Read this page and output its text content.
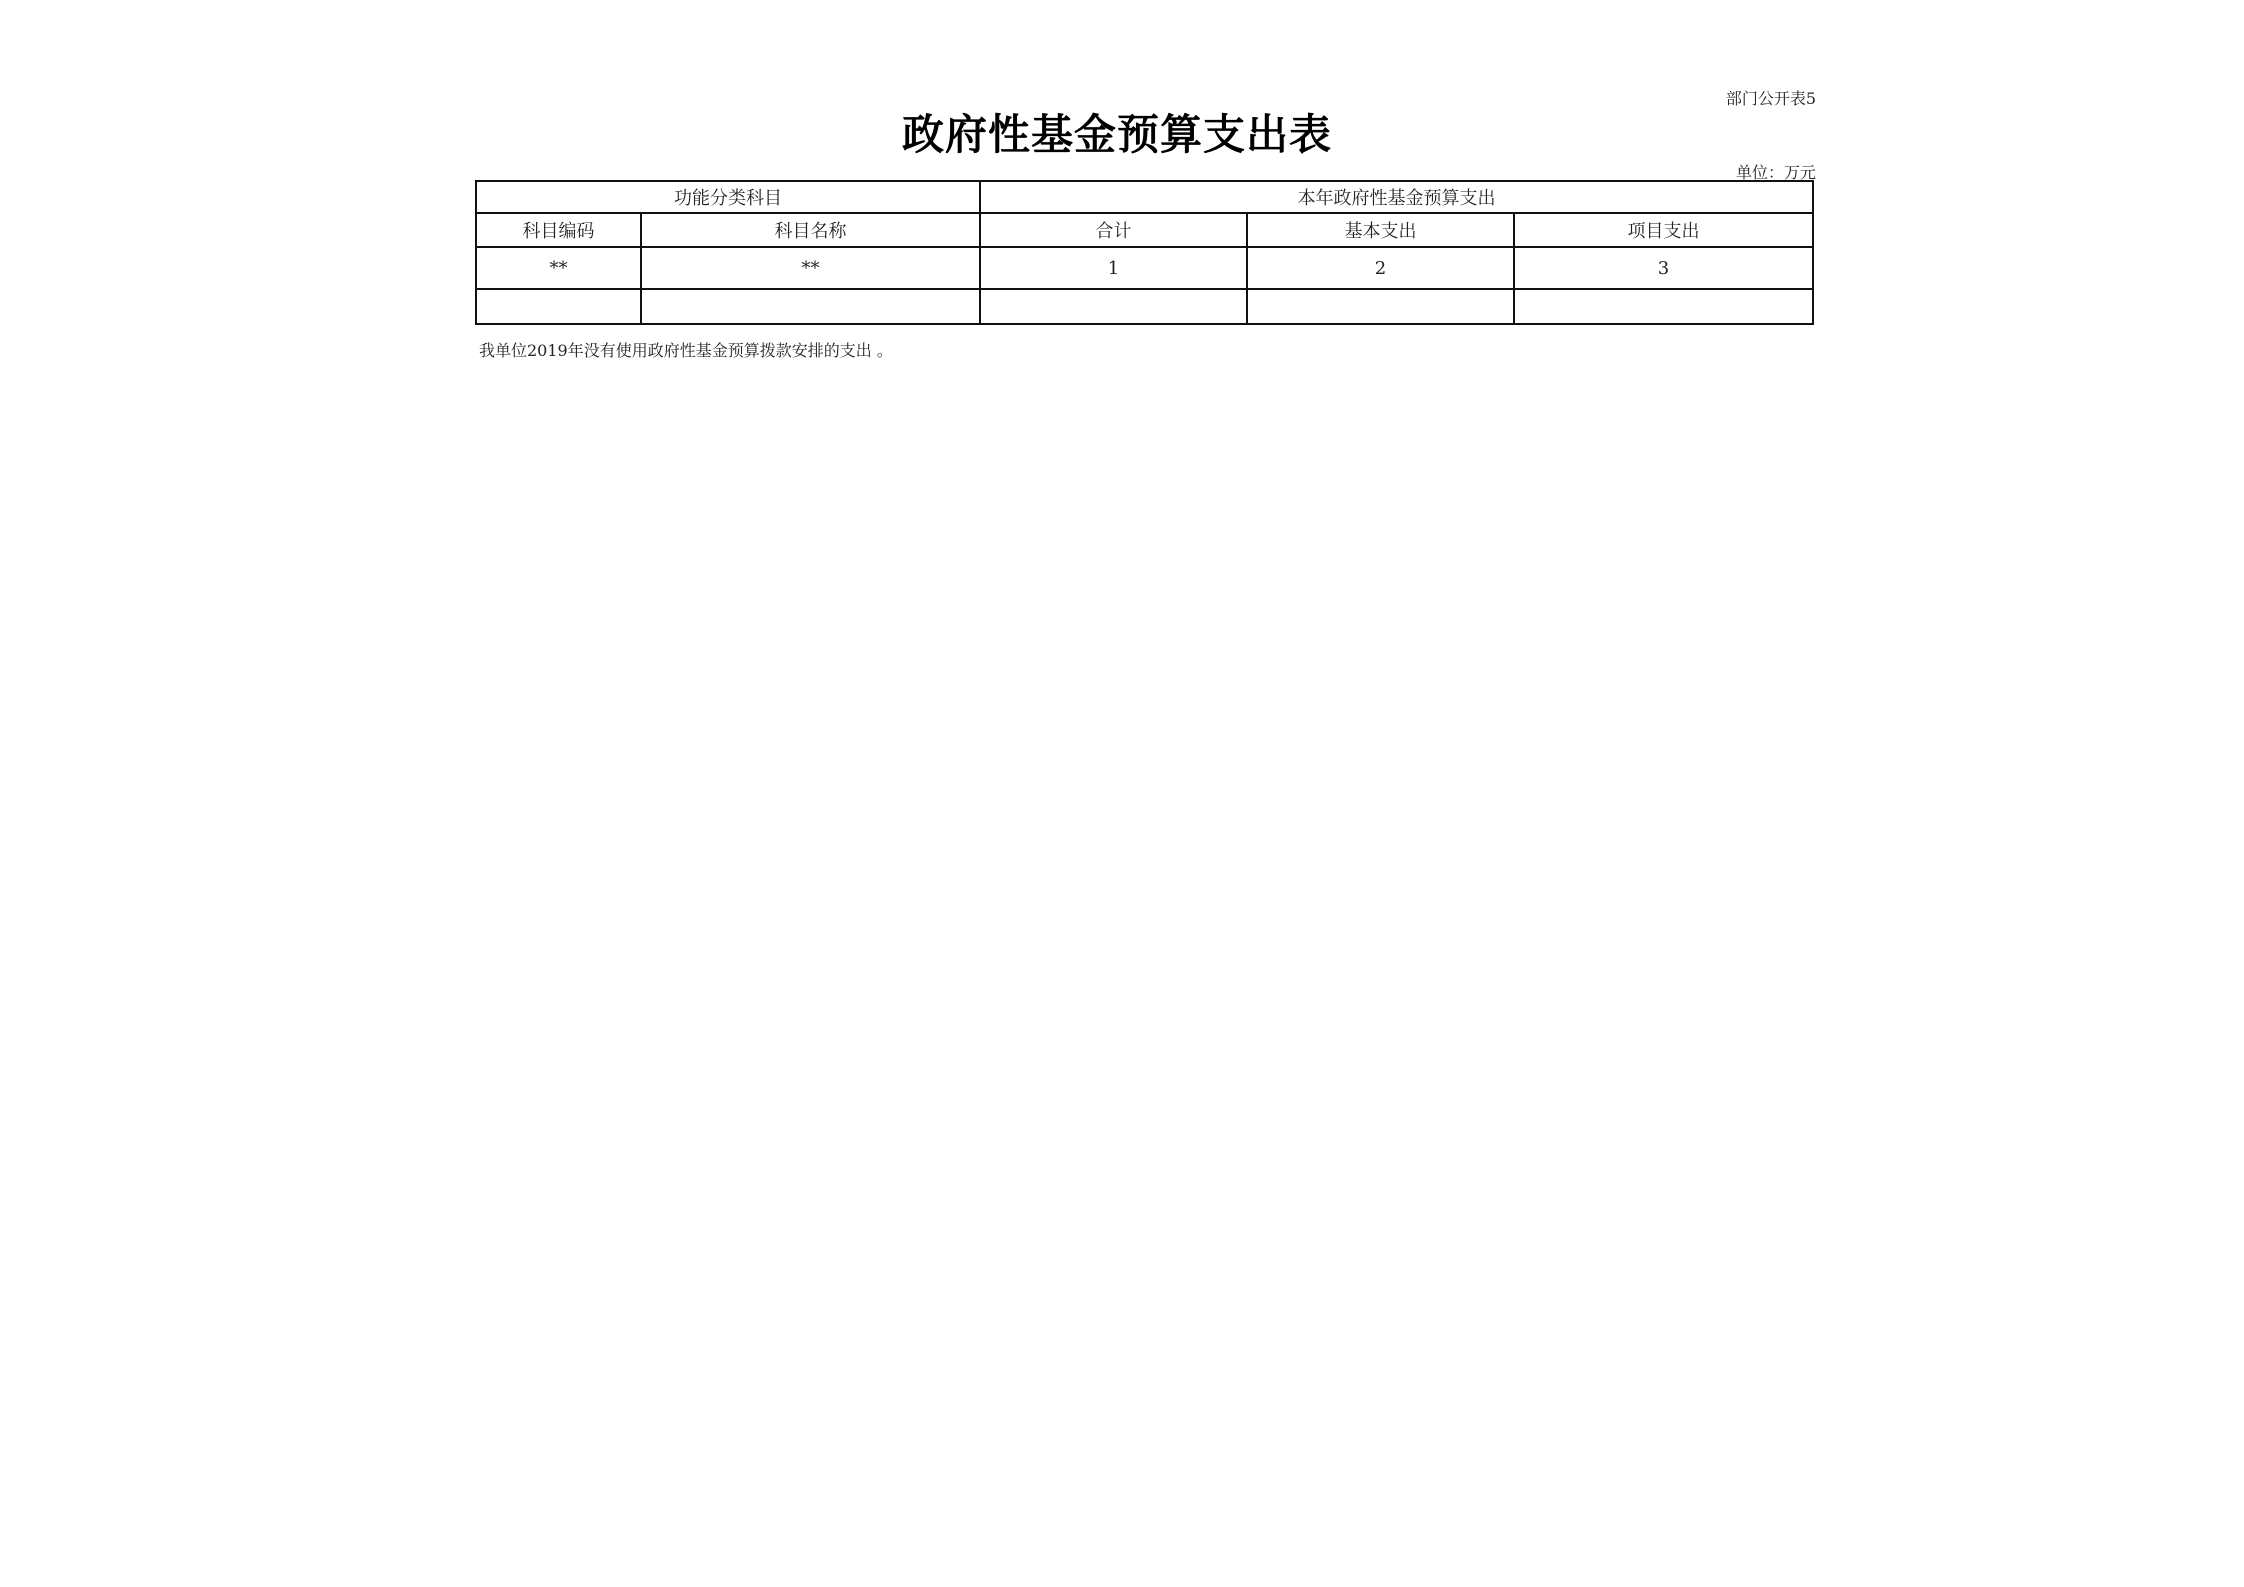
部门公开表5
政府性基金预算支出表
单位：万元
功能分类科目		本年政府性基金预算支出		
科目编码	科目名称	合计	基本支出	项目支出
**	**	1	2	3

我单位2019年没有使用政府性基金预算拨款安排的支出 。
